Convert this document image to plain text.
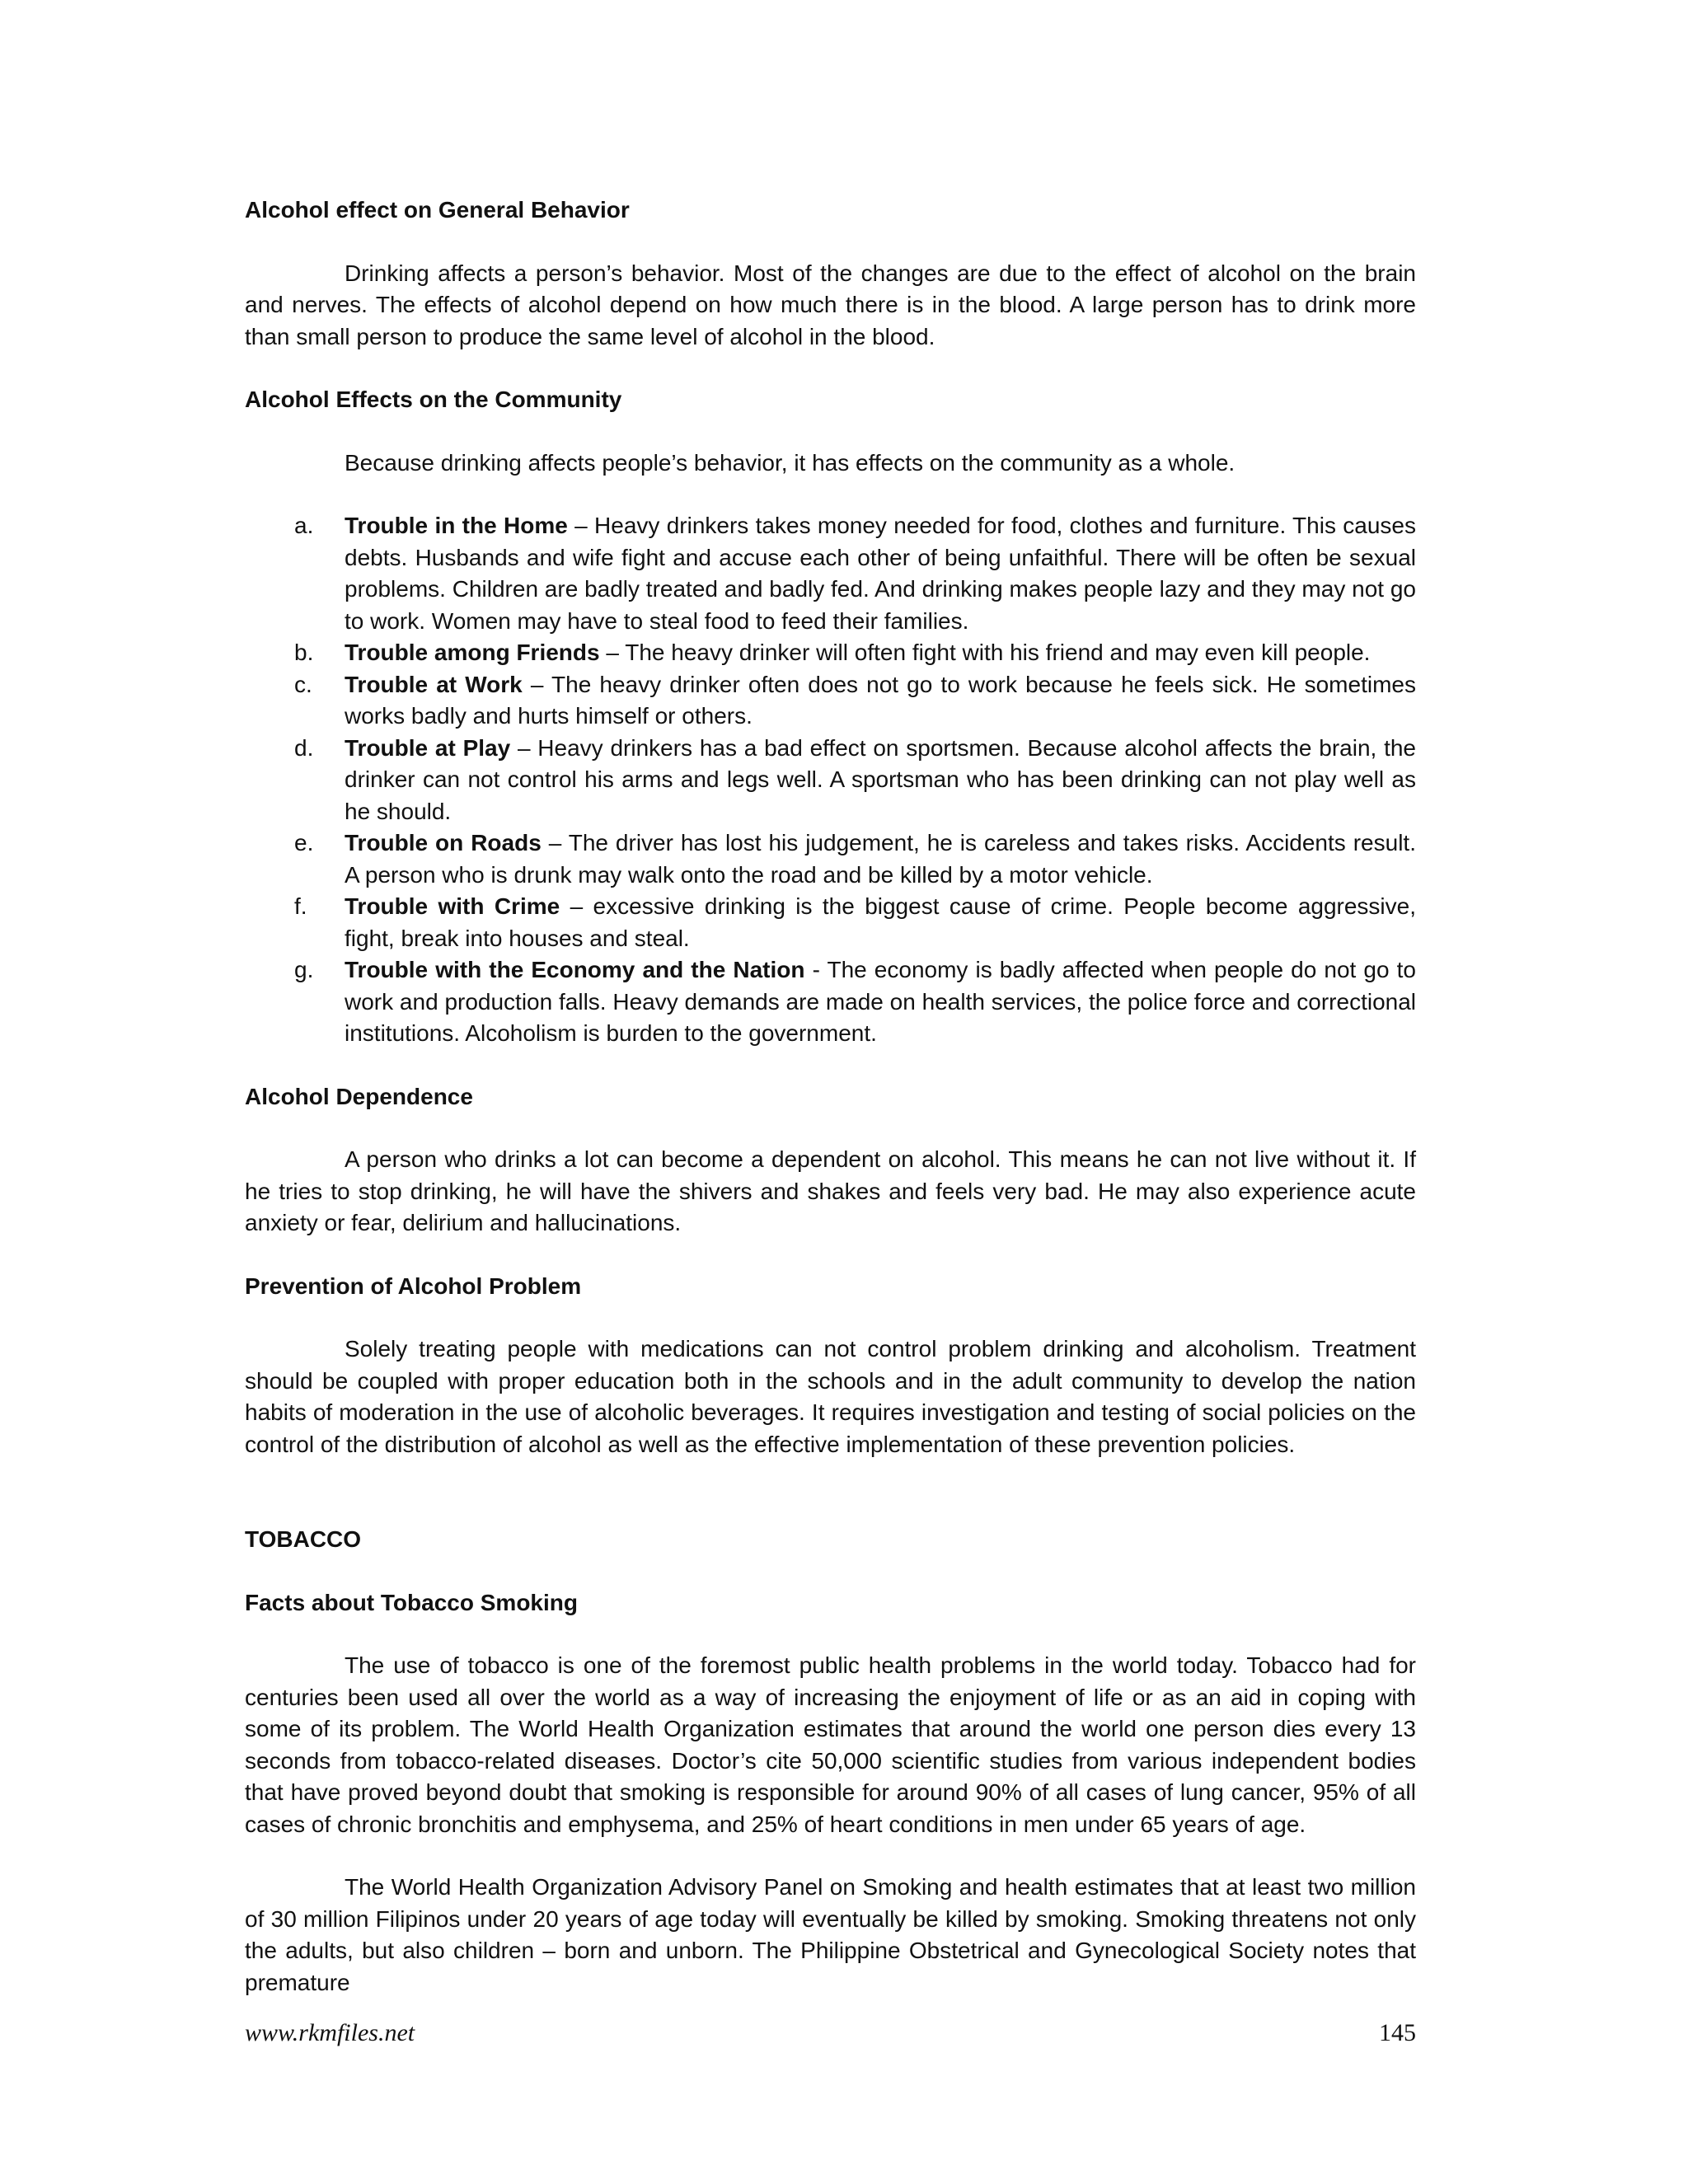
Alcohol effect on General Behavior

Drinking affects a person’s behavior. Most of the changes are due to the effect of alcohol on the brain and nerves. The effects of alcohol depend on how much there is in the blood. A large person has to drink more than small person to produce the same level of alcohol in the blood.

Alcohol Effects on the Community

Because drinking affects people’s behavior, it has effects on the community as a whole.

a. Trouble in the Home – Heavy drinkers takes money needed for food, clothes and furniture. This causes debts. Husbands and wife fight and accuse each other of being unfaithful. There will be often be sexual problems. Children are badly treated and badly fed. And drinking makes people lazy and they may not go to work. Women may have to steal food to feed their families.
b. Trouble among Friends – The heavy drinker will often fight with his friend and may even kill people.
c. Trouble at Work – The heavy drinker often does not go to work because he feels sick. He sometimes works badly and hurts himself or others.
d. Trouble at Play – Heavy drinkers has a bad effect on sportsmen. Because alcohol affects the brain, the drinker can not control his arms and legs well. A sportsman who has been drinking can not play well as he should.
e. Trouble on Roads – The driver has lost his judgement, he is careless and takes risks. Accidents result. A person who is drunk may walk onto the road and be killed by a motor vehicle.
f. Trouble with Crime – excessive drinking is the biggest cause of crime. People become aggressive, fight, break into houses and steal.
g. Trouble with the Economy and the Nation - The economy is badly affected when people do not go to work and production falls. Heavy demands are made on health services, the police force and correctional institutions. Alcoholism is burden to the government.

Alcohol Dependence

A person who drinks a lot can become a dependent on alcohol. This means he can not live without it. If he tries to stop drinking, he will have the shivers and shakes and feels very bad. He may also experience acute anxiety or fear, delirium and hallucinations.

Prevention of Alcohol Problem

Solely treating people with medications can not control problem drinking and alcoholism. Treatment should be coupled with proper education both in the schools and in the adult community to develop the nation habits of moderation in the use of alcoholic beverages. It requires investigation and testing of social policies on the control of the distribution of alcohol as well as the effective implementation of these prevention policies.

TOBACCO

Facts about Tobacco Smoking

The use of tobacco is one of the foremost public health problems in the world today. Tobacco had for centuries been used all over the world as a way of increasing the enjoyment of life or as an aid in coping with some of its problem. The World Health Organization estimates that around the world one person dies every 13 seconds from tobacco-related diseases. Doctor’s cite 50,000 scientific studies from various independent bodies that have proved beyond doubt that smoking is responsible for around 90% of all cases of lung cancer, 95% of all cases of chronic bronchitis and emphysema, and 25% of heart conditions in men under 65 years of age.

The World Health Organization Advisory Panel on Smoking and health estimates that at least two million of 30 million Filipinos under 20 years of age today will eventually be killed by smoking. Smoking threatens not only the adults, but also children – born and unborn. The Philippine Obstetrical and Gynecological Society notes that premature

www.rkmfiles.net	145
